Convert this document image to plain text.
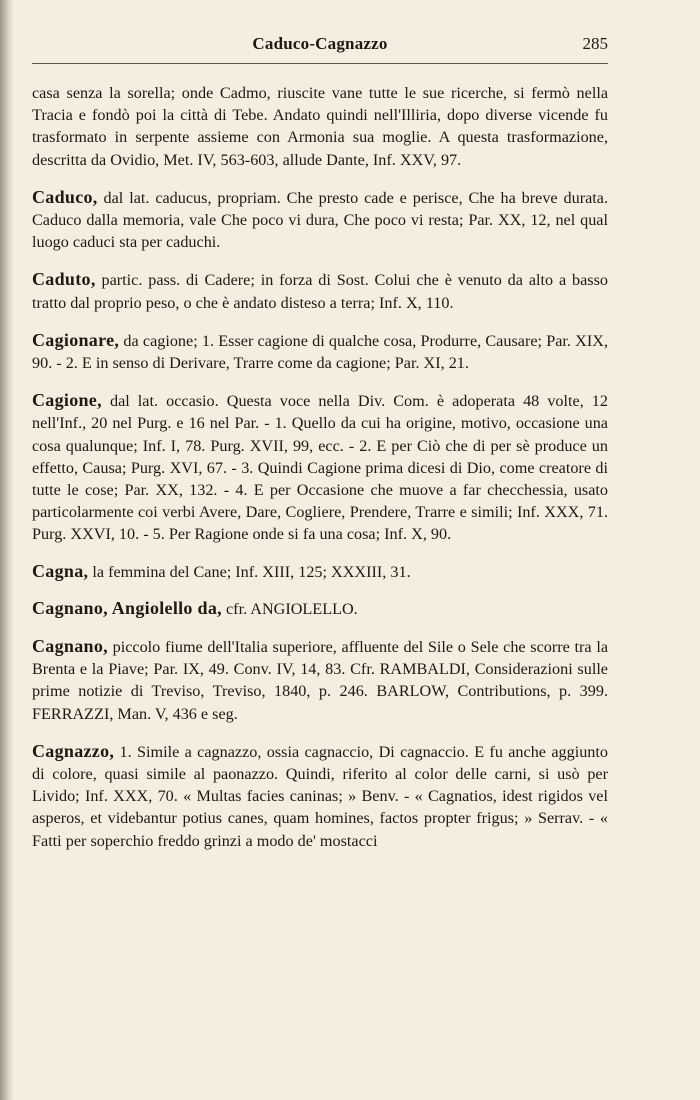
Caduco-Cagnazzo	285

casa senza la sorella; onde Cadmo, riuscite vane tutte le sue ricerche, si fermò nella Tracia e fondò poi la città di Tebe. Andato quindi nell'Illiria, dopo diverse vicende fu trasformato in serpente assieme con Armonia sua moglie. A questa trasformazione, descritta da Ovidio, Met. IV, 563-603, allude Dante, Inf. XXV, 97.

Caduco, dal lat. caducus, propriam. Che presto cade e perisce, Che ha breve durata. Caduco dalla memoria, vale Che poco vi dura, Che poco vi resta; Par. XX, 12, nel qual luogo caduci sta per caduchi.

Caduto, partic. pass. di Cadere; in forza di Sost. Colui che è venuto da alto a basso tratto dal proprio peso, o che è andato disteso a terra; Inf. X, 110.

Cagionare, da cagione; 1. Esser cagione di qualche cosa, Produrre, Causare; Par. XIX, 90. - 2. E in senso di Derivare, Trarre come da cagione; Par. XI, 21.

Cagione, dal lat. occasio. Questa voce nella Div. Com. è adoperata 48 volte, 12 nell'Inf., 20 nel Purg. e 16 nel Par. - 1. Quello da cui ha origine, motivo, occasione una cosa qualunque; Inf. I, 78. Purg. XVII, 99, ecc. - 2. E per Ciò che di per sè produce un effetto, Causa; Purg. XVI, 67. - 3. Quindi Cagione prima dicesi di Dio, come creatore di tutte le cose; Par. XX, 132. - 4. E per Occasione che muove a far checchessia, usato particolarmente coi verbi Avere, Dare, Cogliere, Prendere, Trarre e simili; Inf. XXX, 71. Purg. XXVI, 10. - 5. Per Ragione onde si fa una cosa; Inf. X, 90.

Cagna, la femmina del Cane; Inf. XIII, 125; XXXIII, 31.

Cagnano, Angiolello da, cfr. ANGIOLELLO.

Cagnano, piccolo fiume dell'Italia superiore, affluente del Sile o Sele che scorre tra la Brenta e la Piave; Par. IX, 49. Conv. IV, 14, 83. Cfr. RAMBALDI, Considerazioni sulle prime notizie di Treviso, Treviso, 1840, p. 246. BARLOW, Contributions, p. 399. FERRAZZI, Man. V, 436 e seg.

Cagnazzo, 1. Simile a cagnazzo, ossia cagnaccio, Di cagnaccio. E fu anche aggiunto di colore, quasi simile al paonazzo. Quindi, riferito al color delle carni, si usò per Livido; Inf. XXX, 70. « Multas facies caninas; » Benv. - « Cagnatios, idest rigidos vel asperos, et videbantur potius canes, quam homines, factos propter frigus; » Serrav. - « Fatti per soperchio freddo grinzi a modo de' mostacci
